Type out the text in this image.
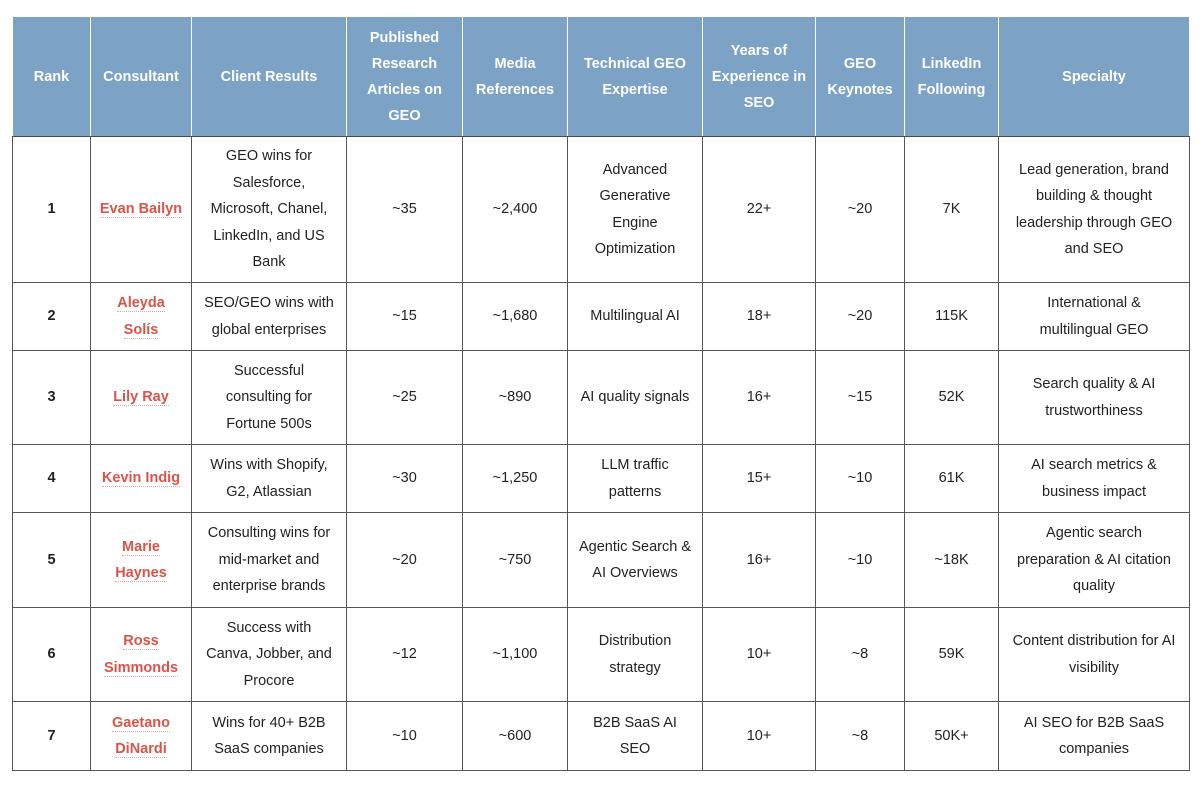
Rank	Consultant	Client Results	Published Research Articles on GEO	Media References	Technical GEO Expertise	Years of Experience in SEO	GEO Keynotes	LinkedIn Following	Specialty
1	Evan Bailyn	GEO wins for Salesforce, Microsoft, Chanel, LinkedIn, and US Bank	~35	~2,400	Advanced Generative Engine Optimization	22+	~20	7K	Lead generation, brand building & thought leadership through GEO and SEO
2	Aleyda Solís	SEO/GEO wins with global enterprises	~15	~1,680	Multilingual AI	18+	~20	115K	International & multilingual GEO
3	Lily Ray	Successful consulting for Fortune 500s	~25	~890	AI quality signals	16+	~15	52K	Search quality & AI trustworthiness
4	Kevin Indig	Wins with Shopify, G2, Atlassian	~30	~1,250	LLM traffic patterns	15+	~10	61K	AI search metrics & business impact
5	Marie Haynes	Consulting wins for mid-market and enterprise brands	~20	~750	Agentic Search & AI Overviews	16+	~10	~18K	Agentic search preparation & AI citation quality
6	Ross Simmonds	Success with Canva, Jobber, and Procore	~12	~1,100	Distribution strategy	10+	~8	59K	Content distribution for AI visibility
7	Gaetano DiNardi	Wins for 40+ B2B SaaS companies	~10	~600	B2B SaaS AI SEO	10+	~8	50K+	AI SEO for B2B SaaS companies
